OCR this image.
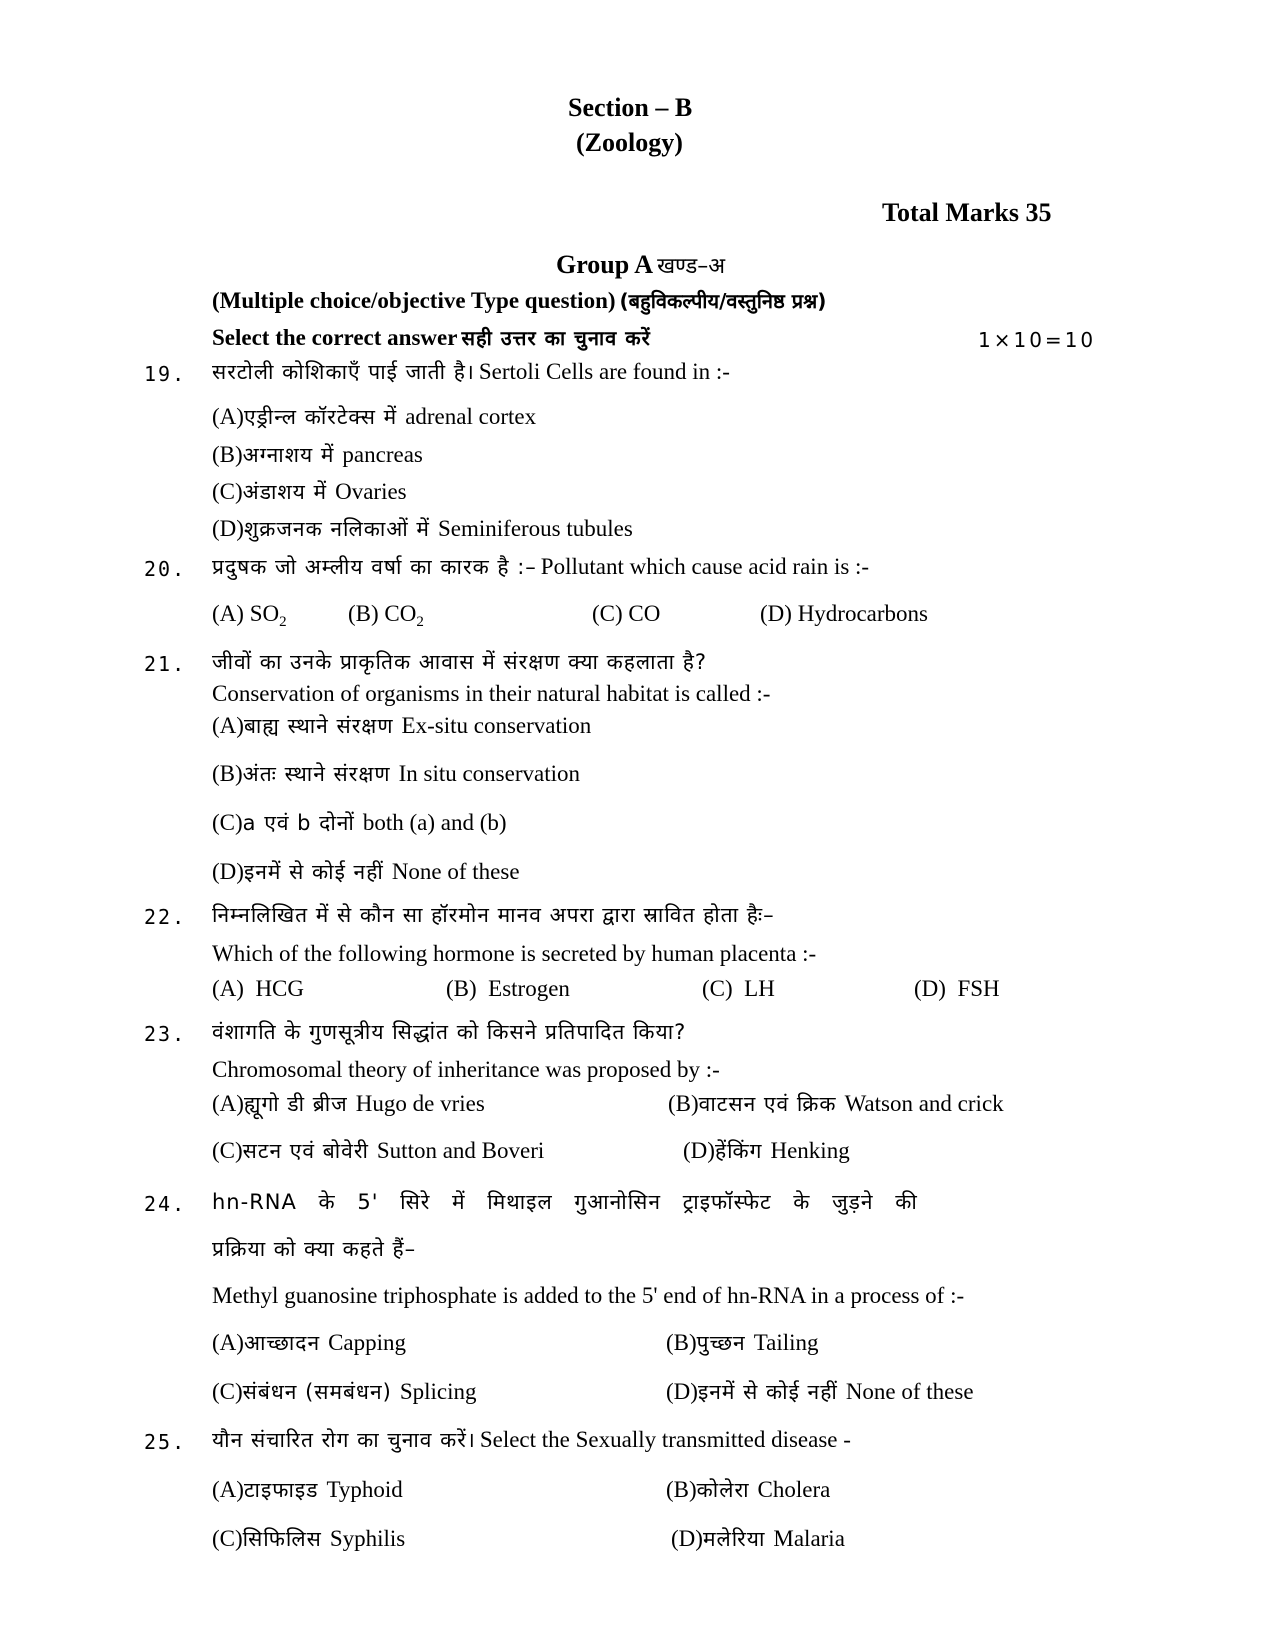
Section – B
(Zoology)
Total Marks 35
Group A खण्ड–अ
(Multiple choice/objective Type question) (बहुविकल्पीय/वस्तुनिष्ठ प्रश्न)
Select the correct answer सही उत्तर का चुनाव करें	1×10=10
19. सरटोली कोशिकाएँ पाई जाती है। Sertoli Cells are found in :-
(A)एड्रीन्ल कॉरटेक्स में adrenal cortex
(B)अग्नाशय में pancreas
(C)अंडाशय में Ovaries
(D)शुक्रजनक नलिकाओं में Seminiferous tubules
20. प्रदुषक जो अम्लीय वर्षा का कारक है :– Pollutant which cause acid rain is :-
(A) $SO_2$	(B) $CO_2$	(C) CO	(D) Hydrocarbons
21. जीवों का उनके प्राकृतिक आवास में संरक्षण क्या कहलाता है?
Conservation of organisms in their natural habitat is called :-
(A)बाह्य स्थाने संरक्षण Ex-situ conservation
(B)अंतः स्थाने संरक्षण In situ conservation
(C)a एवं b दोनों both (a) and (b)
(D)इनमें से कोई नहीं None of these
22. निम्नलिखित में से कौन सा हॉरमोन मानव अपरा द्वारा स्रावित होता हैः–
Which of the following hormone is secreted by human placenta :-
(A) HCG	(B) Estrogen	(C) LH	(D) FSH
23. वंशागति के गुणसूत्रीय सिद्धांत को किसने प्रतिपादित किया?
Chromosomal theory of inheritance was proposed by :-
(A)ह्यूगो डी ब्रीज Hugo de vries	(B)वाटसन एवं क्रिक Watson and crick
(C)सटन एवं बोवेरी Sutton and Boveri	(D)हेंकिंग Henking
24. hn-RNA के 5' सिरे में मिथाइल गुआनोसिन ट्राइफॉस्फेट के जुड़ने की
प्रक्रिया को क्या कहते हैं–
Methyl guanosine triphosphate is added to the 5' end of hn-RNA in a process of :-
(A)आच्छादन Capping	(B)पुच्छन Tailing
(C)संबंधन (समबंधन) Splicing	(D)इनमें से कोई नहीं None of these
25. यौन संचारित रोग का चुनाव करें। Select the Sexually transmitted disease -
(A)टाइफाइड Typhoid	(B)कोलेरा Cholera
(C)सिफिलिस Syphilis	(D)मलेरिया Malaria
